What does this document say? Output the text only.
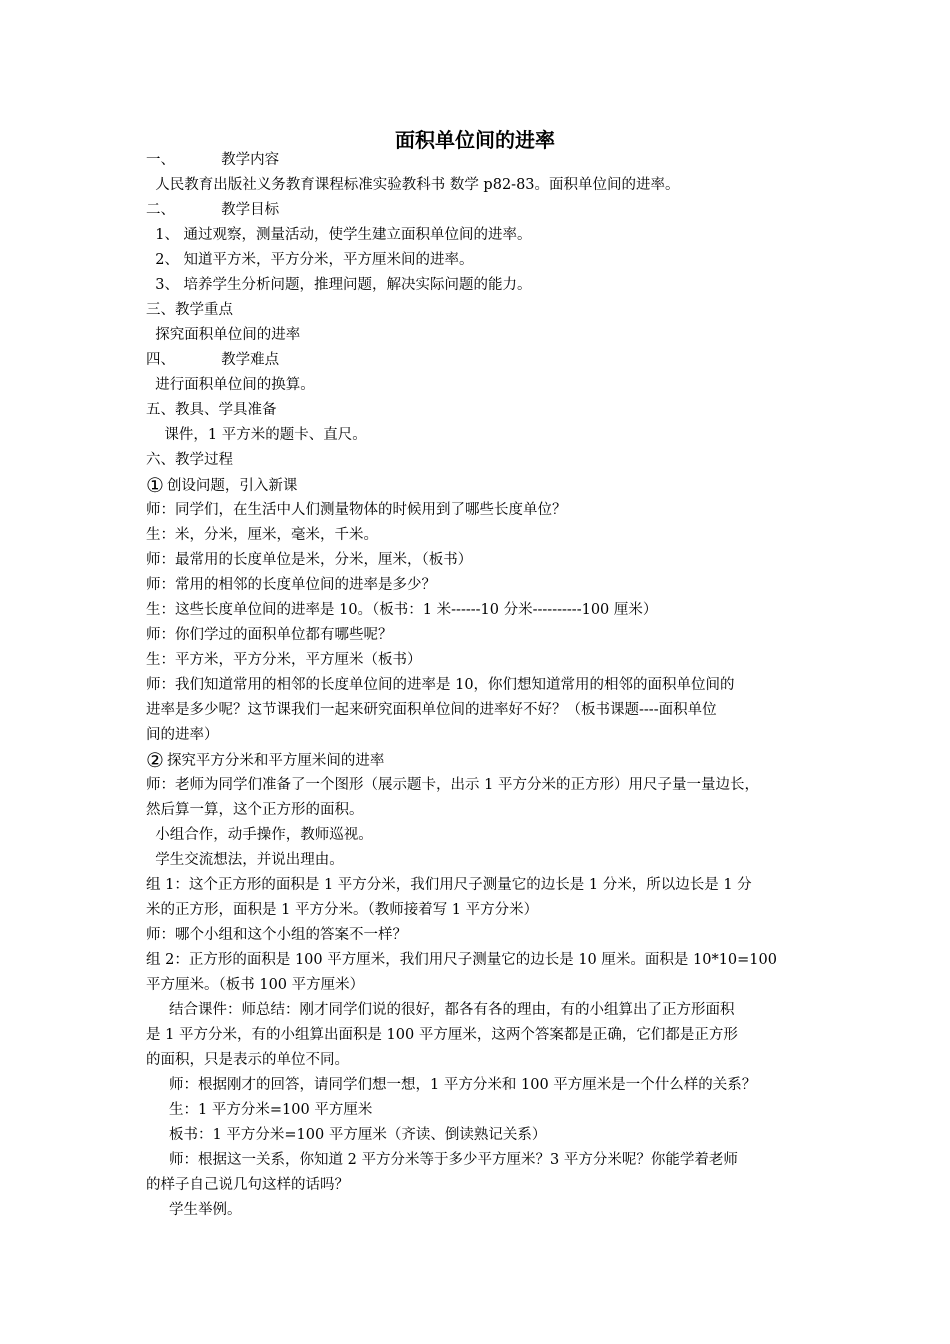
面积单位间的进率
一、          教学内容
人民教育出版社义务教育课程标准实验教科书 数学 p82-83。面积单位间的进率。
二、          教学目标
1、 通过观察，测量活动，使学生建立面积单位间的进率。
2、 知道平方米，平方分米，平方厘米间的进率。
3、 培养学生分析问题，推理问题，解决实际问题的能力。
三、教学重点
探究面积单位间的进率
四、          教学难点
进行面积单位间的换算。
五、教具、学具准备
课件，1 平方米的题卡、直尺。
六、教学过程
① 创设问题，引入新课
师：同学们，在生活中人们测量物体的时候用到了哪些长度单位？
生：米，分米，厘米，毫米，千米。
师：最常用的长度单位是米，分米，厘米，（板书）
师：常用的相邻的长度单位间的进率是多少？
生：这些长度单位间的进率是 10。（板书：1 米------10 分米----------100 厘米）
师：你们学过的面积单位都有哪些呢？
生：平方米，平方分米，平方厘米（板书）
师：我们知道常用的相邻的长度单位间的进率是 10，你们想知道常用的相邻的面积单位间的
进率是多少呢？这节课我们一起来研究面积单位间的进率好不好？（板书课题----面积单位
间的进率）
② 探究平方分米和平方厘米间的进率
师：老师为同学们准备了一个图形（展示题卡，出示 1 平方分米的正方形）用尺子量一量边长，
然后算一算，这个正方形的面积。
小组合作，动手操作，教师巡视。
学生交流想法，并说出理由。
组 1：这个正方形的面积是 1 平方分米，我们用尺子测量它的边长是 1 分米，所以边长是 1 分
米的正方形，面积是 1 平方分米。（教师接着写 1 平方分米）
师：哪个小组和这个小组的答案不一样？
组 2：正方形的面积是 100 平方厘米，我们用尺子测量它的边长是 10 厘米。面积是 10*10=100
平方厘米。（板书 100 平方厘米）
结合课件：师总结：刚才同学们说的很好，都各有各的理由，有的小组算出了正方形面积
是 1 平方分米，有的小组算出面积是 100 平方厘米，这两个答案都是正确，它们都是正方形
的面积，只是表示的单位不同。
师：根据刚才的回答，请同学们想一想，1 平方分米和 100 平方厘米是一个什么样的关系？
生：1 平方分米=100 平方厘米
板书：1 平方分米=100 平方厘米（齐读、倒读熟记关系）
师：根据这一关系，你知道 2 平方分米等于多少平方厘米？3 平方分米呢？你能学着老师
的样子自己说几句这样的话吗？
学生举例。
